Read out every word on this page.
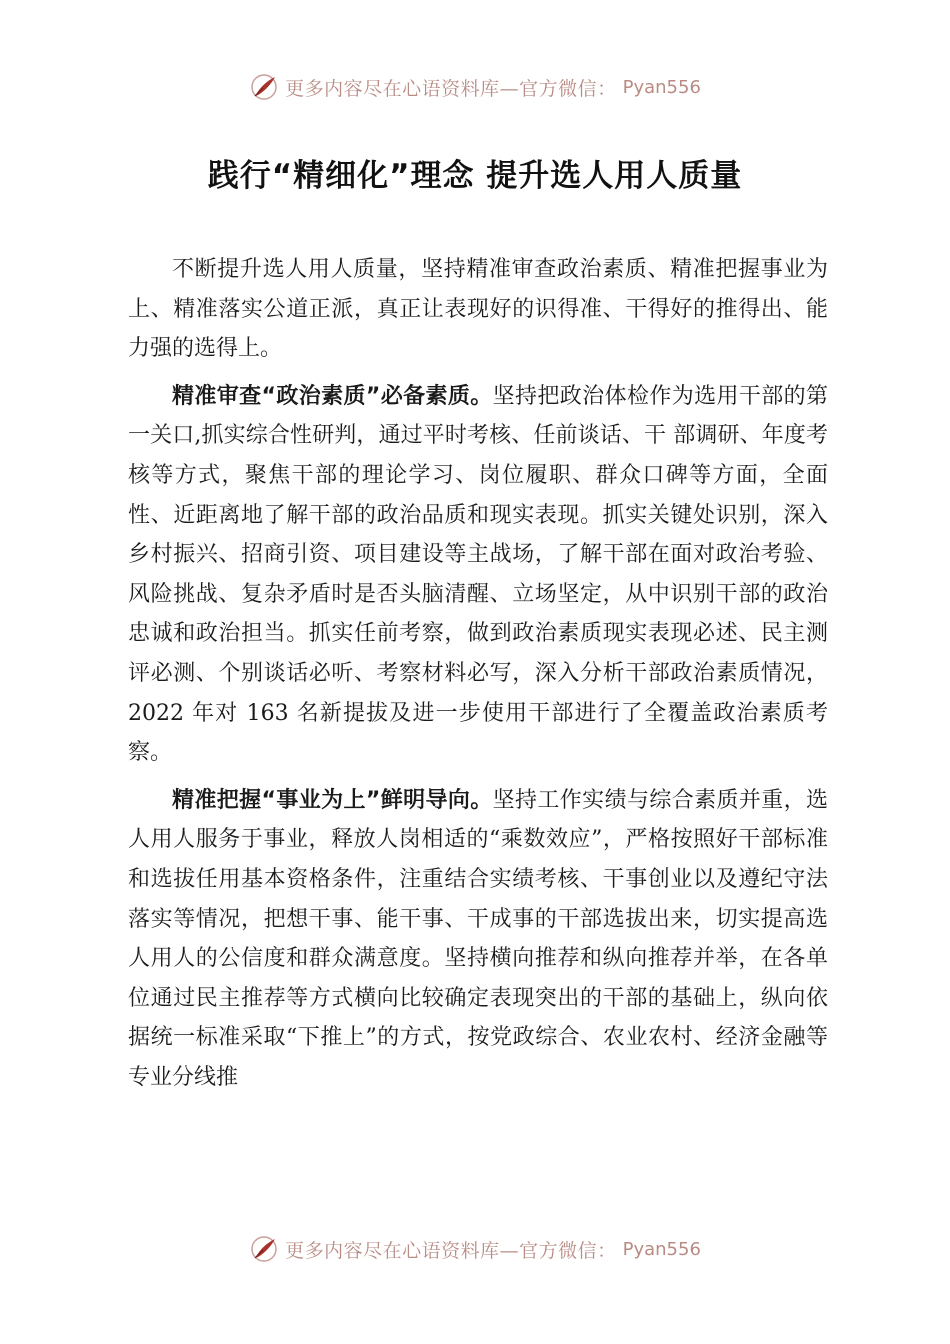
更多内容尽在心语资料库—官方微信： Pyan556
践行“精细化”理念 提升选人用人质量

不断提升选人用人质量，坚持精准审查政治素质、精准把握事业为上、精准落实公道正派，真正让表现好的识得准、干得好的推得出、能力强的选得上。

精准审查“政治素质”必备素质。坚持把政治体检作为选用干部的第一关口,抓实综合性研判，通过平时考核、任前谈话、干 部调研、年度考核等方式，聚焦干部的理论学习、岗位履职、群众口碑等方面，全面性、近距离地了解干部的政治品质和现实表现。抓实关键处识别，深入乡村振兴、招商引资、项目建设等主战场，了解干部在面对政治考验、风险挑战、复杂矛盾时是否头脑清醒、立场坚定，从中识别干部的政治忠诚和政治担当。抓实任前考察，做到政治素质现实表现必述、民主测评必测、个别谈话必听、考察材料必写，深入分析干部政治素质情况，2022 年对 163 名新提拔及进一步使用干部进行了全覆盖政治素质考察。

精准把握“事业为上”鲜明导向。坚持工作实绩与综合素质并重，选人用人服务于事业，释放人岗相适的“乘数效应”，严格按照好干部标准和选拔任用基本资格条件，注重结合实绩考核、干事创业以及遵纪守法落实等情况，把想干事、能干事、干成事的干部选拔出来，切实提高选人用人的公信度和群众满意度。坚持横向推荐和纵向推荐并举，在各单位通过民主推荐等方式横向比较确定表现突出的干部的基础上，纵向依据统一标准采取“下推上”的方式，按党政综合、农业农村、经济金融等专业分线推

更多内容尽在心语资料库—官方微信： Pyan556
